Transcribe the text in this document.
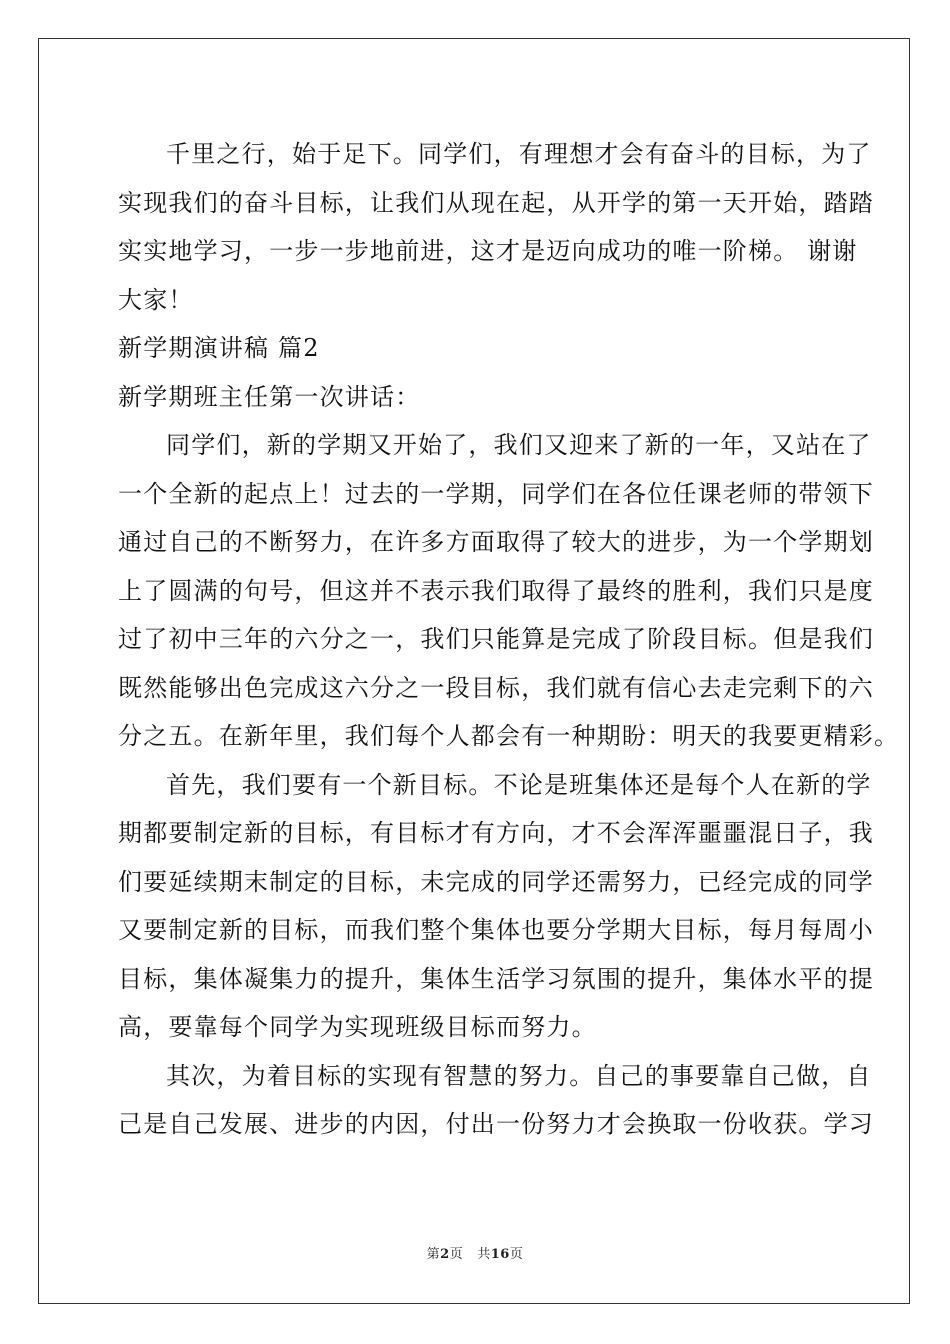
千里之行，始于足下。同学们，有理想才会有奋斗的目标，为了
实现我们的奋斗目标，让我们从现在起，从开学的第一天开始，踏踏
实实地学习，一步一步地前进，这才是迈向成功的唯一阶梯。 谢谢
大家！
新学期演讲稿 篇2
新学期班主任第一次讲话：
同学们，新的学期又开始了，我们又迎来了新的一年，又站在了
一个全新的起点上！过去的一学期，同学们在各位任课老师的带领下
通过自己的不断努力，在许多方面取得了较大的进步，为一个学期划
上了圆满的句号，但这并不表示我们取得了最终的胜利，我们只是度
过了初中三年的六分之一，我们只能算是完成了阶段目标。但是我们
既然能够出色完成这六分之一段目标，我们就有信心去走完剩下的六
分之五。在新年里，我们每个人都会有一种期盼：明天的我要更精彩。
首先，我们要有一个新目标。不论是班集体还是每个人在新的学
期都要制定新的目标，有目标才有方向，才不会浑浑噩噩混日子，我
们要延续期末制定的目标，未完成的同学还需努力，已经完成的同学
又要制定新的目标，而我们整个集体也要分学期大目标，每月每周小
目标，集体凝集力的提升，集体生活学习氛围的提升，集体水平的提
高，要靠每个同学为实现班级目标而努力。
其次，为着目标的实现有智慧的努力。自己的事要靠自己做，自
己是自己发展、进步的内因，付出一份努力才会换取一份收获。学习
第2页 共16页
